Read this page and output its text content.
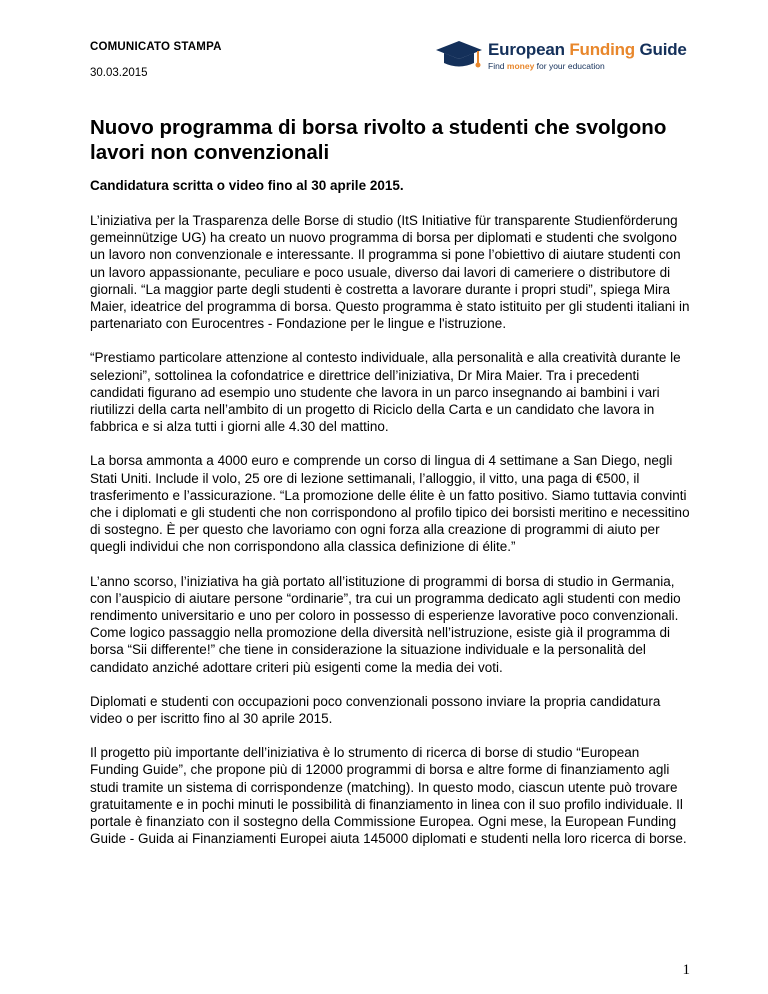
COMUNICATO STAMPA
30.03.2015
European Funding Guide
Find money for your education
Nuovo programma di borsa rivolto a studenti che svolgono lavori non convenzionali
Candidatura scritta o video fino al 30 aprile 2015.

L’iniziativa per la Trasparenza delle Borse di studio (ItS Initiative für transparente Studienförderung gemeinnützige UG) ha creato un nuovo programma di borsa per diplomati e studenti che svolgono un lavoro non convenzionale e interessante. Il programma si pone l’obiettivo di aiutare studenti con un lavoro appassionante, peculiare e poco usuale, diverso dai lavori di cameriere o distributore di giornali. “La maggior parte degli studenti è costretta a lavorare durante i propri studi”, spiega Mira Maier, ideatrice del programma di borsa. Questo programma è stato istituito per gli studenti italiani in partenariato con Eurocentres - Fondazione per le lingue e l'istruzione.

“Prestiamo particolare attenzione al contesto individuale, alla personalità e alla creatività durante le selezioni”, sottolinea la cofondatrice e direttrice dell’iniziativa, Dr Mira Maier. Tra i precedenti candidati figurano ad esempio uno studente che lavora in un parco insegnando ai bambini i vari riutilizzi della carta nell’ambito di un progetto di Riciclo della Carta e un candidato che lavora in fabbrica e si alza tutti i giorni alle 4.30 del mattino.

La borsa ammonta a 4000 euro e comprende un corso di lingua di 4 settimane a San Diego, negli Stati Uniti. Include il volo, 25 ore di lezione settimanali, l’alloggio, il vitto, una paga di €500, il trasferimento e l’assicurazione. “La promozione delle élite è un fatto positivo. Siamo tuttavia convinti che i diplomati e gli studenti che non corrispondono al profilo tipico dei borsisti meritino e necessitino di sostegno. È per questo che lavoriamo con ogni forza alla creazione di programmi di aiuto per quegli individui che non corrispondono alla classica definizione di élite.”

L’anno scorso, l’iniziativa ha già portato all’istituzione di programmi di borsa di studio in Germania, con l’auspicio di aiutare persone “ordinarie”, tra cui un programma dedicato agli studenti con medio rendimento universitario e uno per coloro in possesso di esperienze lavorative poco convenzionali. Come logico passaggio nella promozione della diversità nell’istruzione, esiste già il programma di borsa “Sii differente!” che tiene in considerazione la situazione individuale e la personalità del candidato anziché adottare criteri più esigenti come la media dei voti.

Diplomati e studenti con occupazioni poco convenzionali possono inviare la propria candidatura video o per iscritto fino al 30 aprile 2015.

Il progetto più importante dell’iniziativa è lo strumento di ricerca di borse di studio “European Funding Guide”, che propone più di 12000 programmi di borsa e altre forme di finanziamento agli studi tramite un sistema di corrispondenze (matching). In questo modo, ciascun utente può trovare gratuitamente e in pochi minuti le possibilità di finanziamento in linea con il suo profilo individuale. Il portale è finanziato con il sostegno della Commissione Europea. Ogni mese, la European Funding Guide - Guida ai Finanziamenti Europei aiuta 145000 diplomati e studenti nella loro ricerca di borse.

1
